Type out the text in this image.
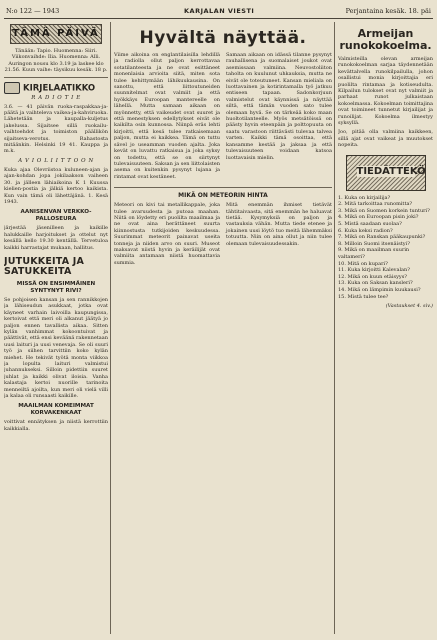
N:o 122 — 1943	KARJALAN VIESTI	Perjantaina kesäk. 18. päi
TÄMÄ PÄIVÄ

Tänään: Tapio. Huomenna: Siiri. Viikonvaihde: Ilia. Huomenna: Alli. Auringon nousu klo 3.19 ja laskee klo 21.56. Kuun vaihe: täysikuu kesäk. 18 p.

KIRJELAATIKKO
R A D I O T I E

3.6. — 41 päivän ruoka-raspakkaa-ja-päätä ja vaihteleva vaikea-ja-kahviruoka. Lähetetään ja kaupalla-kuljetus jakelussa. Sijaitsee sillä ruokailu-vaihtoehdot ja toimiston päällikön sijaitseva-verotus. Rahastosta mitäänkin. Helsinki 19 41. Kauppa ja m.k.

A V I O L I I T T O O N

Kuka ajaa Olevriistoa kuluneen-ajan ja ajan-kohdan jopa jokilaakson vaiheen 30. ja jälleen lähiaikoina K 1 Kuussa kielien-postia ja jälkiä kertoo kaikista. Kun vain tämä oli lähettäjänä. 1. Kesä 1943.

AANISENVAN VERKKO-PALLOSEURA

järjestää jäsenilleen ja kaikille halukkaille harjoitukset ja ottelut nyt kesällä kello 19.30 kentällä. Tervetuloa kaikki harrastajat mukaan, hallitus.

JUTUKKEITA JA SATUKKEITA
MISSÄ ON ENSIMMÄINEN SYNTYNYT RIVI?

Se pohjoisen kansan ja sen rannikkojen ja lähiseudun asukkaat, jotka ovat käyneet varhain laivoilla kaupungissa, kertoivat että meri oli alkanut jäätyä jo paljon ennen tavallista aikaa. Sitten kylän vanhimmat kokoontuivat ja päättivät, että ensi keväänä rakennetaan uusi laituri ja uusi venevaja. Se oli suuri työ ja siihen tarvittiin koko kylän miehet. He tekivät työtä monta viikkoa ja lopulta laituri valmistui juhannukseksi. Silloin pidettiin suuret juhlat ja kaikki olivat iloisia. Vanha kalastaja kertoi nuorille tarinoita menneiltä ajoilta, kun meri oli vielä villi ja kalaa oli runsaasti kaikille.

MAAILMAN KOMEIMMAT KORVAKENKAAT

voittivat ennätyksen ja niistä kerrottiin kaikkialla.

Hyvältä näyttää.

Viime aikoina on englantilaisilla lehdillä ja radiolla ollut paljon kerrottavaa sotatilanteesta ja ne ovat esittäneet monenlaisia arvioita siitä, miten sota tulee kehittymään lähikuukausina. On sanottu, että liittoutuneiden suunnitelmat ovat valmiit ja että hyökkäys Euroopan mantereelle on lähellä. Mutta samaan aikaan on myönnetty, että vaikeudet ovat suuret ja että menestyksen edellytykset eivät ole kaikilta osin kunnossa. Niinpä eräs lehti kirjoitti, että kesä tulee ratkaisemaan paljon, mutta ei kaikkea. Tämä on tuttu sävel jo useamman vuoden ajalta. Joka kevät on luvattu ratkaisua ja joka syksy on todettu, että se on siirtynyt tulevaisuuteen. Saksan ja sen liittolaisten asema on kuitenkin pysynyt lujana ja rintamat ovat kestäneet.

Samaan aikaan on idässä tilanne pysynyt rauhallisena ja suomalaiset joukot ovat asemissaan valmiina. Neuvostoliiton taholta on kuulunut uhkauksia, mutta ne eivät ole toteutuneet. Kansan mieliala on luottavainen ja kotirintamalla työ jatkuu entiseen tapaan. Sadonkorjuun valmistelut ovat käynnissä ja näyttää siltä, että tämän vuoden sato tulee olemaan hyvä. Se on tärkeää koko maan huoltotilanteelle. Myös metsätöissä on päästy hyvin eteenpäin ja polttopuuta on saatu varastoon riittävästi tulevaa talvea varten. Kaikki tämä osoittaa, että kansamme kestää ja jaksaa ja että tulevaisuuteen voidaan katsoa luottavaisin mielin.

MIKÄ ON METEORIN HINTA

Meteori on kivi tai metallikappale, joka tulee avaruudesta ja putoaa maahan. Niitä on löydetty eri puolilta maailmaa ja ne ovat aina herättäneet suurta kiinnostusta tutkijoiden keskuudessa. Suurimmat meteorit painavat useita tonneja ja niiden arvo on suuri. Museot maksavat niistä hyvin ja keräilijät ovat valmiita antamaan niistä huomattavia summia.

Mitä enemmän ihmiset tietävät tähtitaivaasta, sitä enemmän he haluavat tietää. Kysymyksiä on paljon ja vastauksia vähän. Mutta tiede etenee ja jokainen uusi löytö tuo meitä lähemmäksi totuutta. Niin on aina ollut ja niin tulee olemaan tulevaisuudessakin.

Armeijan runokokoelma.

Valmisteilla olevan armeijan runokokoelman sarjaa täydennetään kevättalvella runokilpailulla, johon osallistui monia kirjoittajia eri puolilta rintamaa ja kotiseudulta. Kilpailun tulokset ovat nyt valmiit ja parhaat runot julkaistaan kokoelmassa. Kokoelman toimittajina ovat toimineet tunnetut kirjailijat ja runoilijat. Kokoelma ilmestyy syksyllä.

Joo, pitää olla valmiina kaikkeen, sillä ajat ovat vaikeat ja muutokset nopeita.

TIEDÄTTEKÖ

1. Kuka on kirjailija?

2. Mitä tarkoittaa runomitta?

3. Mikä on Suomen korkein tunturi?

4. Mikä on Euroopan pisin joki?

5. Mistä saadaan suolaa?

6. Kuka keksi radion?

7. Mikä on Ranskan pääkaupunki?

8. Milloin Suomi itsenäistyi?

9. Mikä on maailman suurin valtameri?

10. Mitä on kupari?

11. Kuka kirjoitti Kalevalan?

12. Mikä on kuun etäisyys?

13. Kuka on Saksan kansleri?

14. Mikä on lämpimin kuukausi?

15. Mistä tulee tee?

(Vastaukset 4. siv.)
